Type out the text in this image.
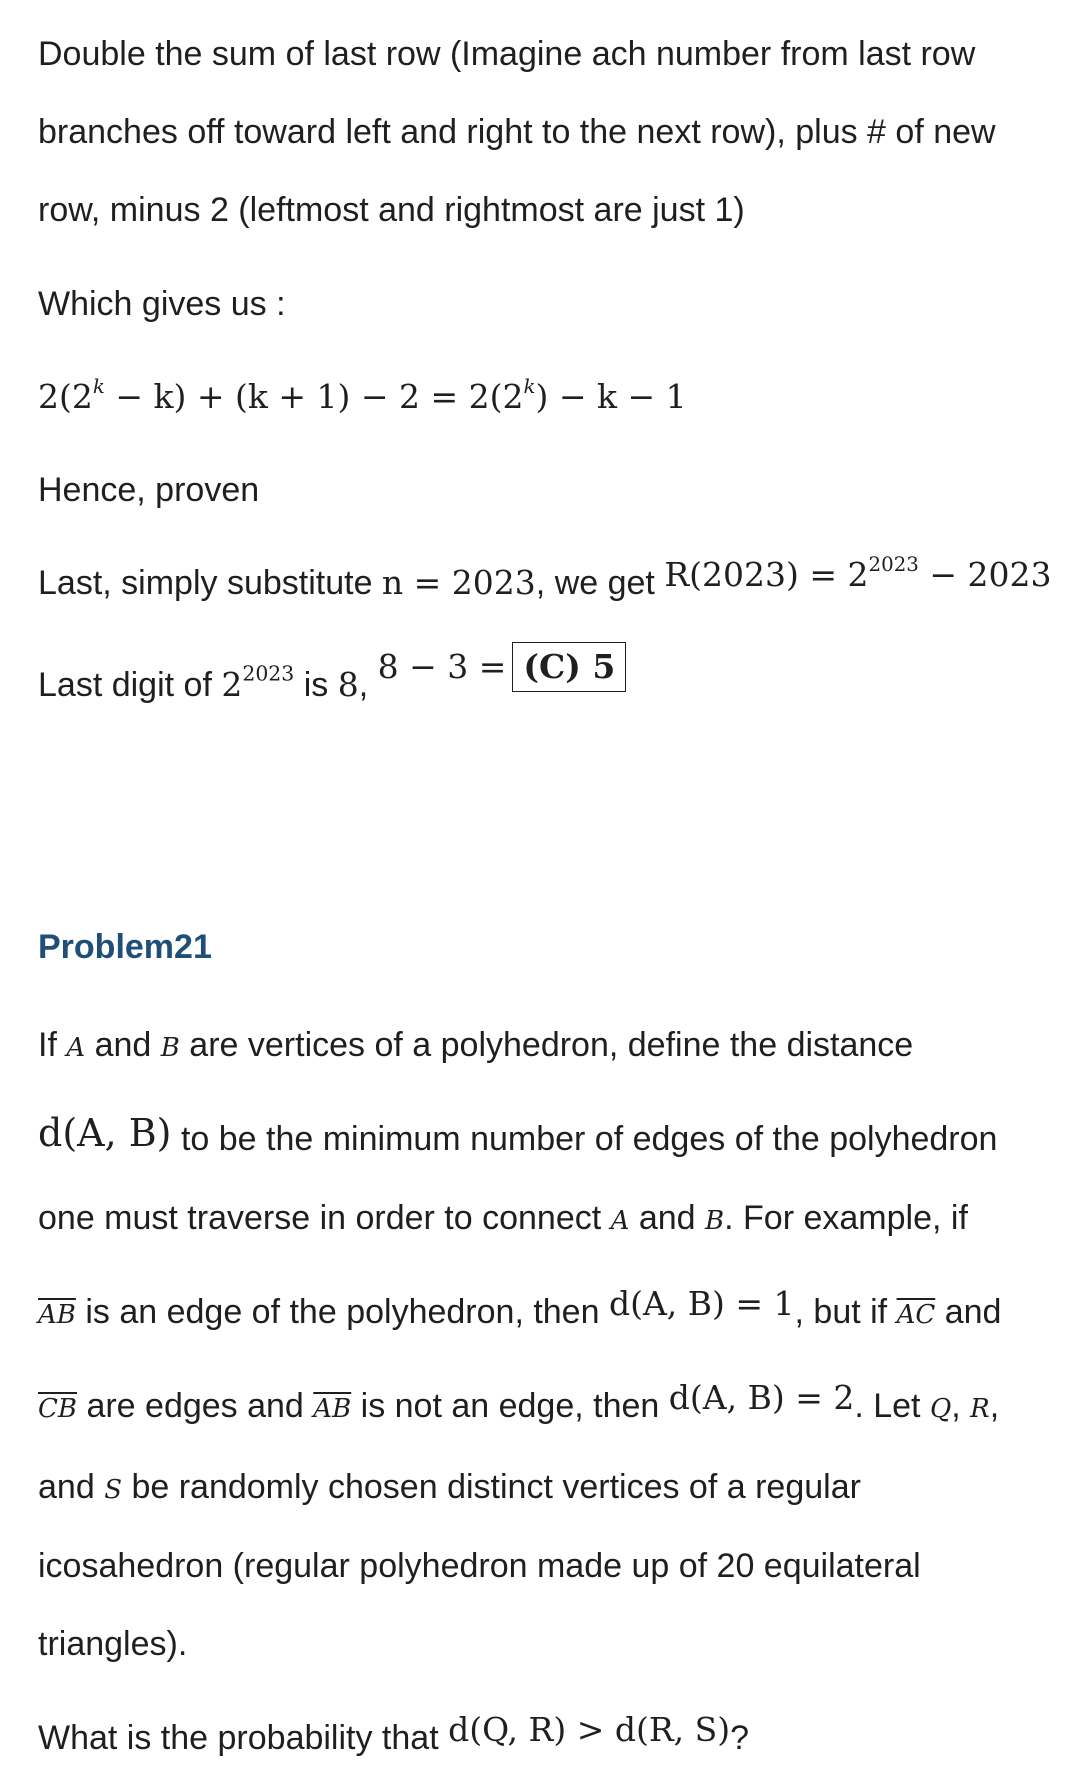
Double the sum of last row (Imagine ach number from last row
branches off toward left and right to the next row), plus # of new
row, minus 2 (leftmost and rightmost are just 1)
Which gives us :
$2(2^k - k) + (k + 1) - 2 = 2(2^k) - k - 1$
Hence, proven
Last, simply substitute n = 2023, we get $R(2023) = 2^{2023} - 2023$
Last digit of $2^{2023}$ is 8, 8 − 3 = (C) 5
Problem21
If A and B are vertices of a polyhedron, define the distance
d(A, B) to be the minimum number of edges of the polyhedron
one must traverse in order to connect A and B. For example, if
$\overline{AB}$ is an edge of the polyhedron, then d(A, B) = 1, but if $\overline{AC}$ and
$\overline{CB}$ are edges and $\overline{AB}$ is not an edge, then d(A, B) = 2. Let Q, R,
and S be randomly chosen distinct vertices of a regular
icosahedron (regular polyhedron made up of 20 equilateral
triangles).
What is the probability that d(Q, R) > d(R, S)?
